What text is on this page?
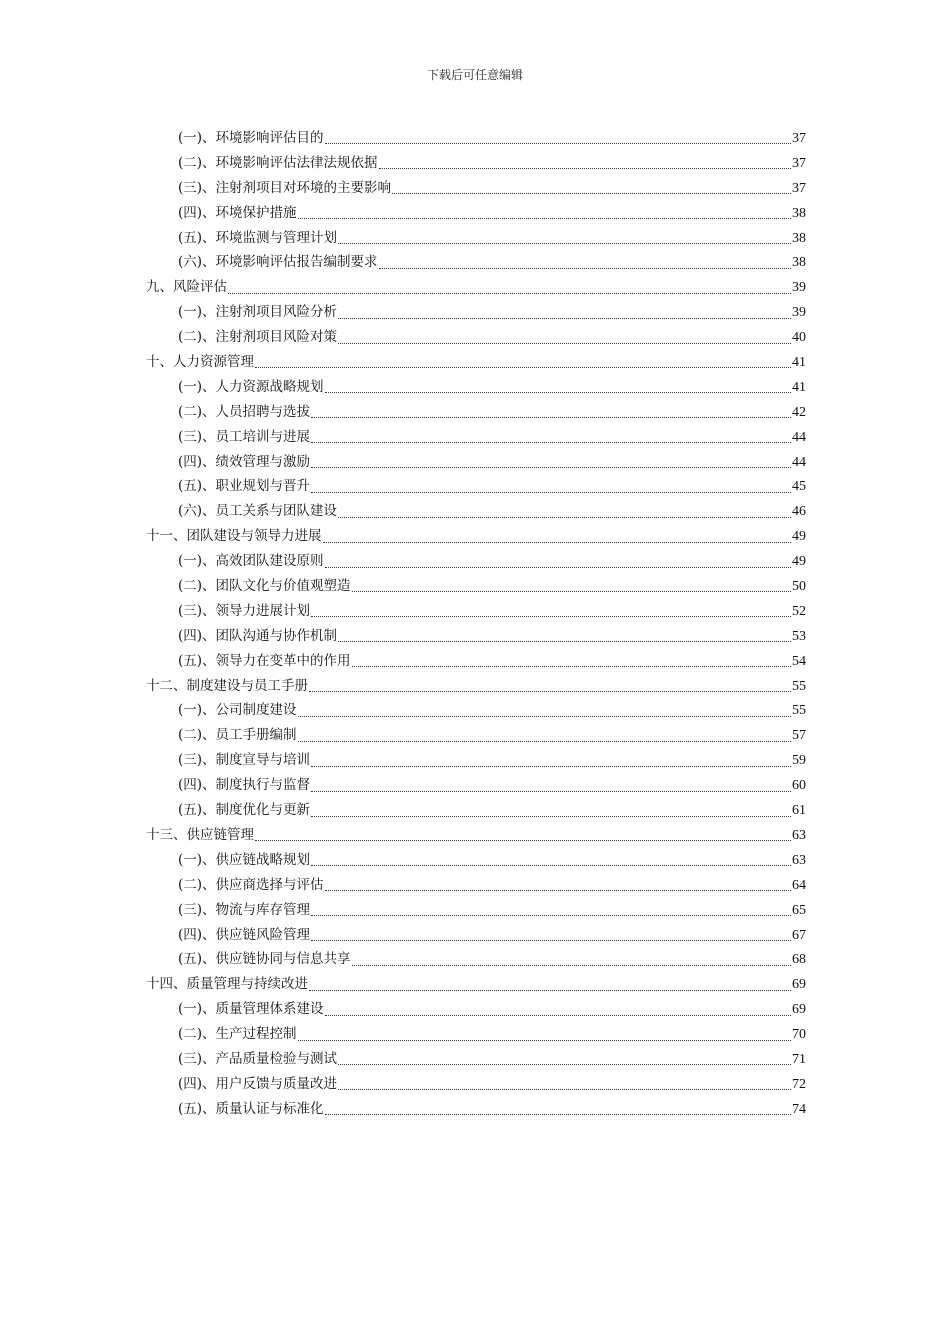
下载后可任意编辑
(一)、环境影响评估目的	37
(二)、环境影响评估法律法规依据	37
(三)、注射剂项目对环境的主要影响	37
(四)、环境保护措施	38
(五)、环境监测与管理计划	38
(六)、环境影响评估报告编制要求	38
九、风险评估	39
(一)、注射剂项目风险分析	39
(二)、注射剂项目风险对策	40
十、人力资源管理	41
(一)、人力资源战略规划	41
(二)、人员招聘与选拔	42
(三)、员工培训与进展	44
(四)、绩效管理与激励	44
(五)、职业规划与晋升	45
(六)、员工关系与团队建设	46
十一、团队建设与领导力进展	49
(一)、高效团队建设原则	49
(二)、团队文化与价值观塑造	50
(三)、领导力进展计划	52
(四)、团队沟通与协作机制	53
(五)、领导力在变革中的作用	54
十二、制度建设与员工手册	55
(一)、公司制度建设	55
(二)、员工手册编制	57
(三)、制度宣导与培训	59
(四)、制度执行与监督	60
(五)、制度优化与更新	61
十三、供应链管理	63
(一)、供应链战略规划	63
(二)、供应商选择与评估	64
(三)、物流与库存管理	65
(四)、供应链风险管理	67
(五)、供应链协同与信息共享	68
十四、质量管理与持续改进	69
(一)、质量管理体系建设	69
(二)、生产过程控制	70
(三)、产品质量检验与测试	71
(四)、用户反馈与质量改进	72
(五)、质量认证与标准化	74
